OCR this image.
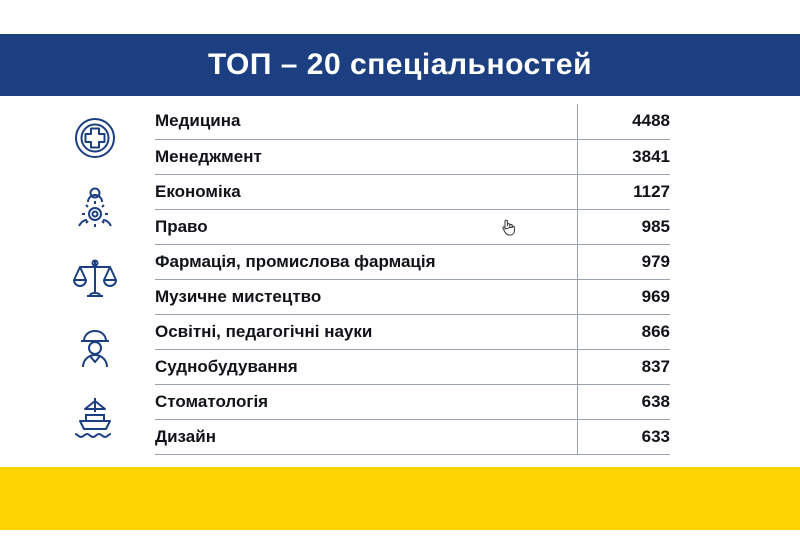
ТОП – 20 спеціальностей
Медицина	4488
Менеджмент	3841
Економіка	1127
Право	985
Фармація, промислова фармація	979
Музичне мистецтво	969
Освітні, педагогічні науки	866
Суднобудування	837
Стоматологія	638
Дизайн	633
